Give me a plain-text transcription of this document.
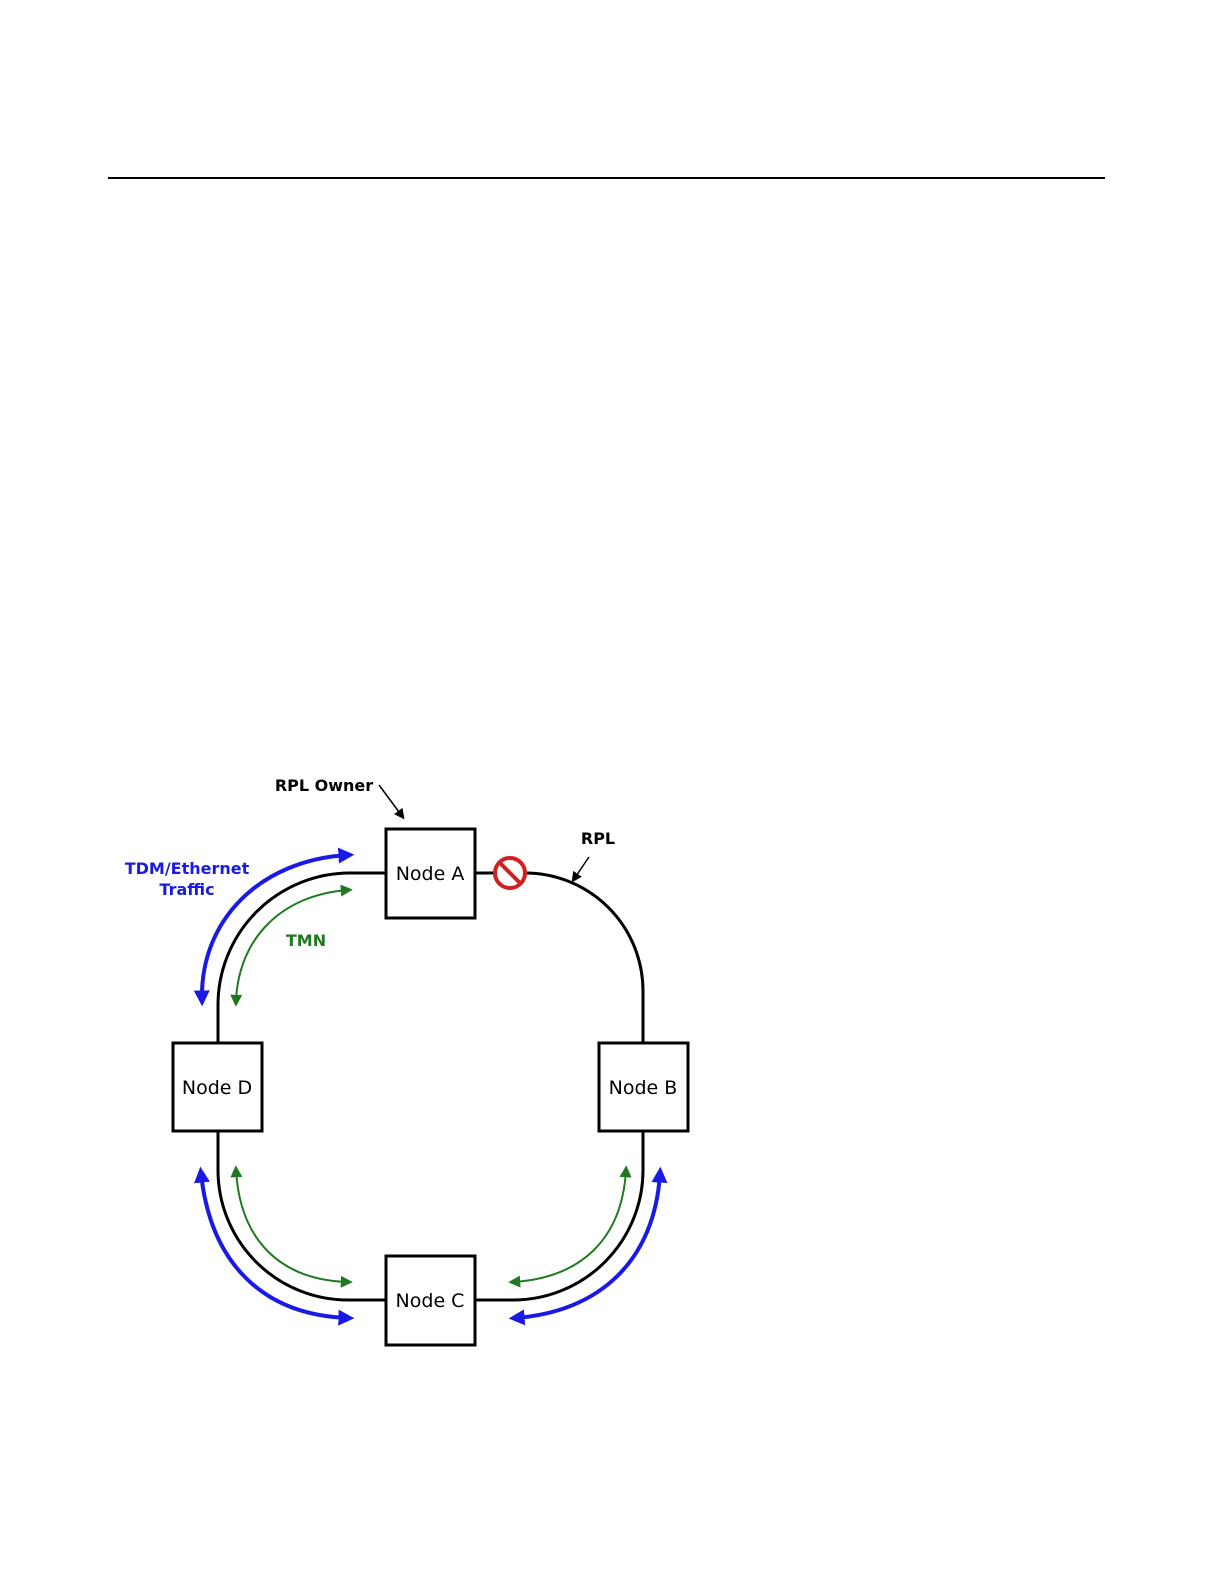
Node A
Node D	Node B
Node C
RPL Owner
RPL
TDM/Ethernet
Traffic
TMN
